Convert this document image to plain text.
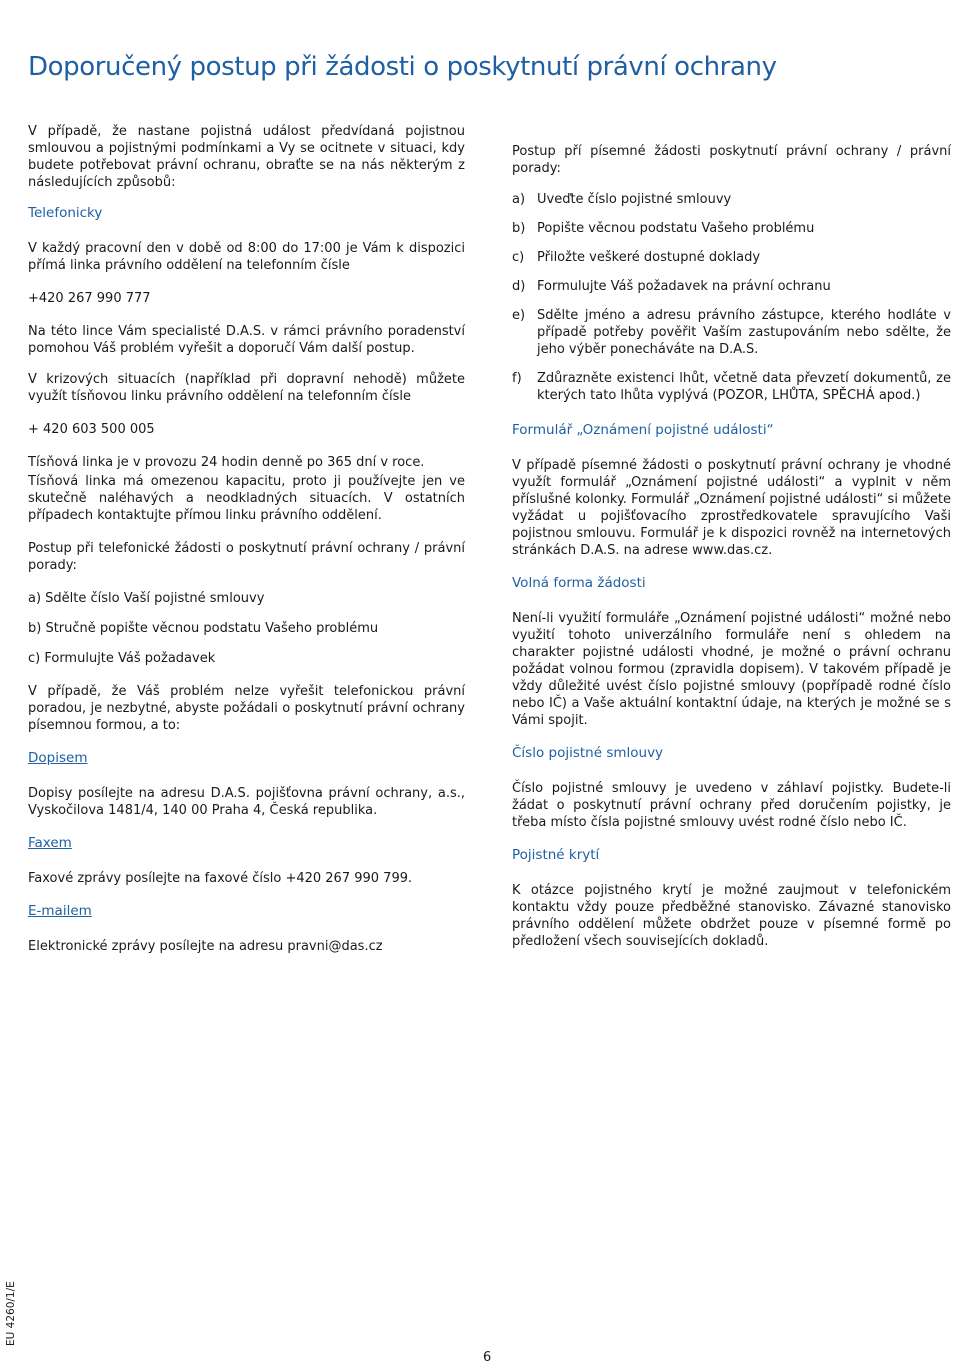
Doporučený postup při žádosti o poskytnutí právní ochrany

V případě, že nastane pojistná událost předvídaná pojistnou smlouvou a pojistnými podmínkami a Vy se ocitnete v situaci, kdy budete potřebovat právní ochranu, obraťte se na nás některým z následujících způsobů:

Telefonicky

V každý pracovní den v době od 8:00 do 17:00 je Vám k dispozici přímá linka právního oddělení na telefonním čísle

+420 267 990 777

Na této lince Vám specialisté D.A.S. v rámci právního poradenství pomohou Váš problém vyřešit a doporučí Vám další postup.

V krizových situacích (například při dopravní nehodě) můžete využít tísňovou linku právního oddělení na telefonním čísle

+ 420 603 500 005

Tísňová linka je v provozu 24 hodin denně po 365 dní v roce.

Tísňová linka má omezenou kapacitu, proto ji používejte jen ve skutečně naléhavých a neodkladných situacích. V ostatních případech kontaktujte přímou linku právního oddělení.

Postup při telefonické žádosti o poskytnutí právní ochrany / právní porady:

a) Sdělte číslo Vaší pojistné smlouvy
b) Stručně popište věcnou podstatu Vašeho problému
c) Formulujte Váš požadavek

V případě, že Váš problém nelze vyřešit telefonickou právní poradou, je nezbytné, abyste požádali o poskytnutí právní ochrany písemnou formou, a to:

Dopisem

Dopisy posílejte na adresu D.A.S. pojišťovna právní ochrany, a.s., Vyskočilova 1481/4, 140 00 Praha 4, Česká republika.

Faxem

Faxové zprávy posílejte na faxové číslo +420 267 990 799.

E-mailem

Elektronické zprávy posílejte na adresu pravni@das.cz

Postup pří písemné žádosti poskytnutí právní ochrany / právní porady:

a) Uveďte číslo pojistné smlouvy
b) Popište věcnou podstatu Vašeho problému
c) Přiložte veškeré dostupné doklady
d) Formulujte Váš požadavek na právní ochranu
e) Sdělte jméno a adresu právního zástupce, kterého hodláte v případě potřeby pověřit Vaším zastupováním nebo sdělte, že jeho výběr ponecháváte na D.A.S.
f)	Zdůrazněte existenci lhůt, včetně data převzetí dokumentů, ze kterých tato lhůta vyplývá (POZOR, LHŮTA, SPĚCHÁ apod.)
Formulář „Oznámení pojistné události“

V případě písemné žádosti o poskytnutí právní ochrany je vhodné využít formulář „Oznámení pojistné události“ a vyplnit v něm příslušné kolonky. Formulář „Oznámení pojistné události“ si můžete vyžádat u pojišťovacího zprostředkovatele spravujícího Vaši pojistnou smlouvu. Formulář je k dispozici rovněž na internetových stránkách D.A.S. na adrese www.das.cz.

Volná forma žádosti

Není-li využití formuláře „Oznámení pojistné události“ možné nebo využití tohoto univerzálního formuláře není s ohledem na charakter pojistné události vhodné, je možné o právní ochranu požádat volnou formou (zpravidla dopisem). V takovém případě je vždy důležité uvést číslo pojistné smlouvy (popřípadě rodné číslo nebo IČ) a Vaše aktuální kontaktní údaje, na kterých je možné se s Vámi spojit.

Číslo pojistné smlouvy

Číslo pojistné smlouvy je uvedeno v záhlaví pojistky. Budete-li žádat o poskytnutí právní ochrany před doručením pojistky, je třeba místo čísla pojistné smlouvy uvést rodné číslo nebo IČ.

Pojistné krytí

K otázce pojistného krytí je možné zaujmout v telefonickém kontaktu vždy pouze předběžné stanovisko. Závazné stanovisko právního oddělení můžete obdržet pouze v písemné formě po předložení všech souvisejících dokladů.

EU 4260/1/E
6
